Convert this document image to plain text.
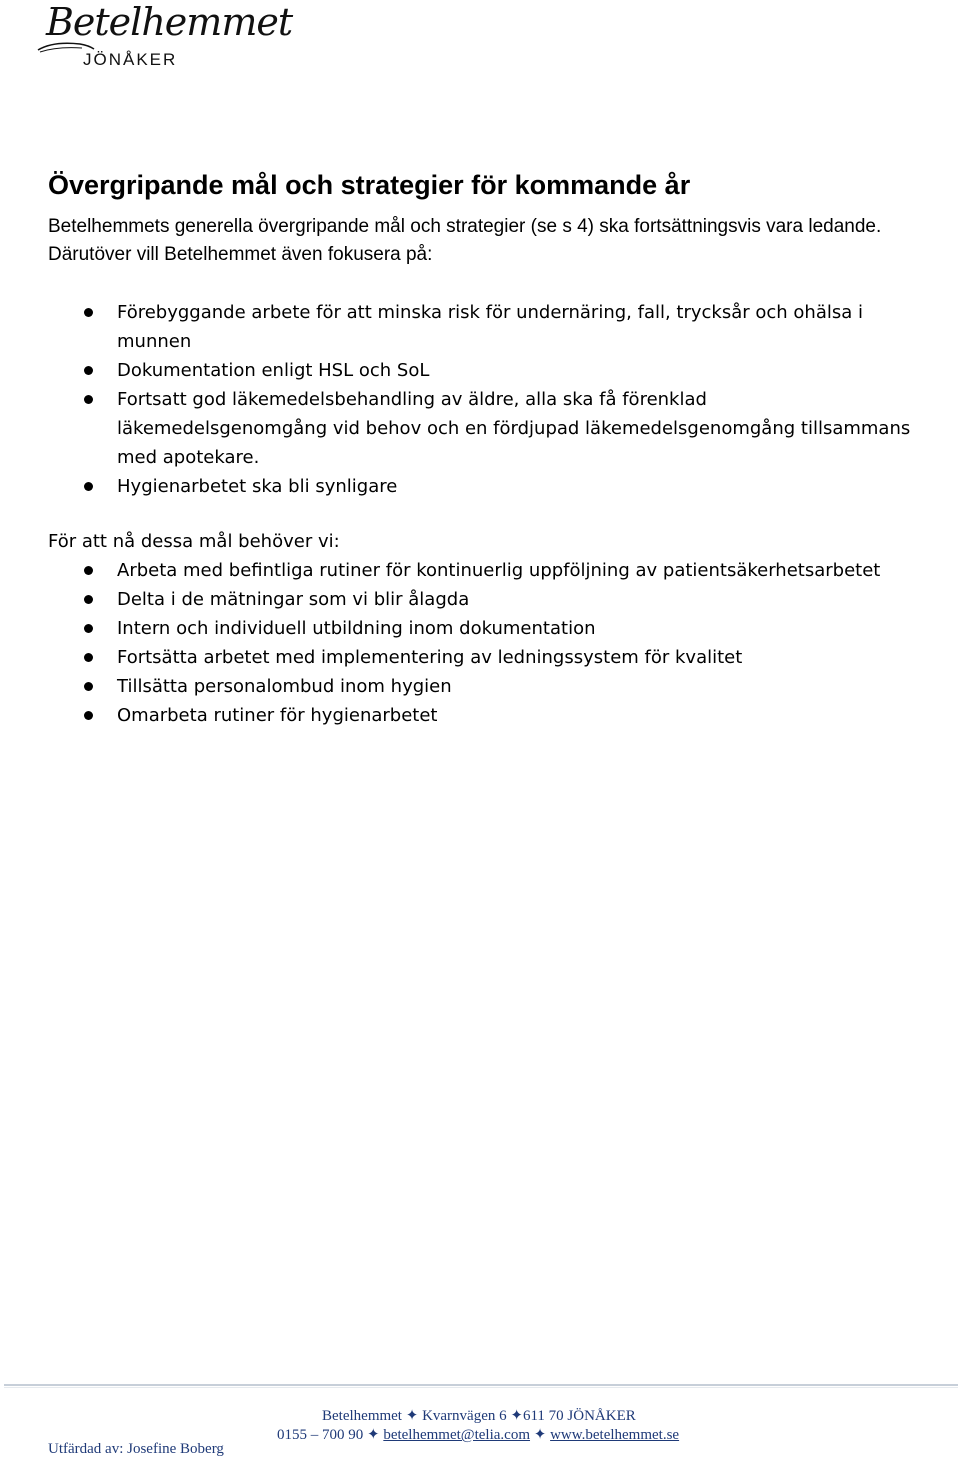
Betelhemmet
JÖNÅKER
Övergripande mål och strategier för kommande år

Betelhemmets generella övergripande mål och strategier (se s 4) ska fortsättningsvis vara ledande. Därutöver vill Betelhemmet även fokusera på:

Förebyggande arbete för att minska risk för undernäring, fall, trycksår och ohälsa i munnen
Dokumentation enligt HSL och SoL
Fortsatt god läkemedelsbehandling av äldre, alla ska få förenklad läkemedelsgenomgång vid behov och en fördjupad läkemedelsgenomgång tillsammans med apotekare.
Hygienarbetet ska bli synligare

För att nå dessa mål behöver vi:

Arbeta med befintliga rutiner för kontinuerlig uppföljning av patientsäkerhetsarbetet
Delta i de mätningar som vi blir ålagda
Intern och individuell utbildning inom dokumentation
Fortsätta arbetet med implementering av ledningssystem för kvalitet
Tillsätta personalombud inom hygien
Omarbeta rutiner för hygienarbetet
Betelhemmet ✦ Kvarnvägen 6 ✦611 70 JÖNÅKER
0155 – 700 90 ✦ betelhemmet@telia.com ✦ www.betelhemmet.se
Utfärdad av: Josefine Boberg
